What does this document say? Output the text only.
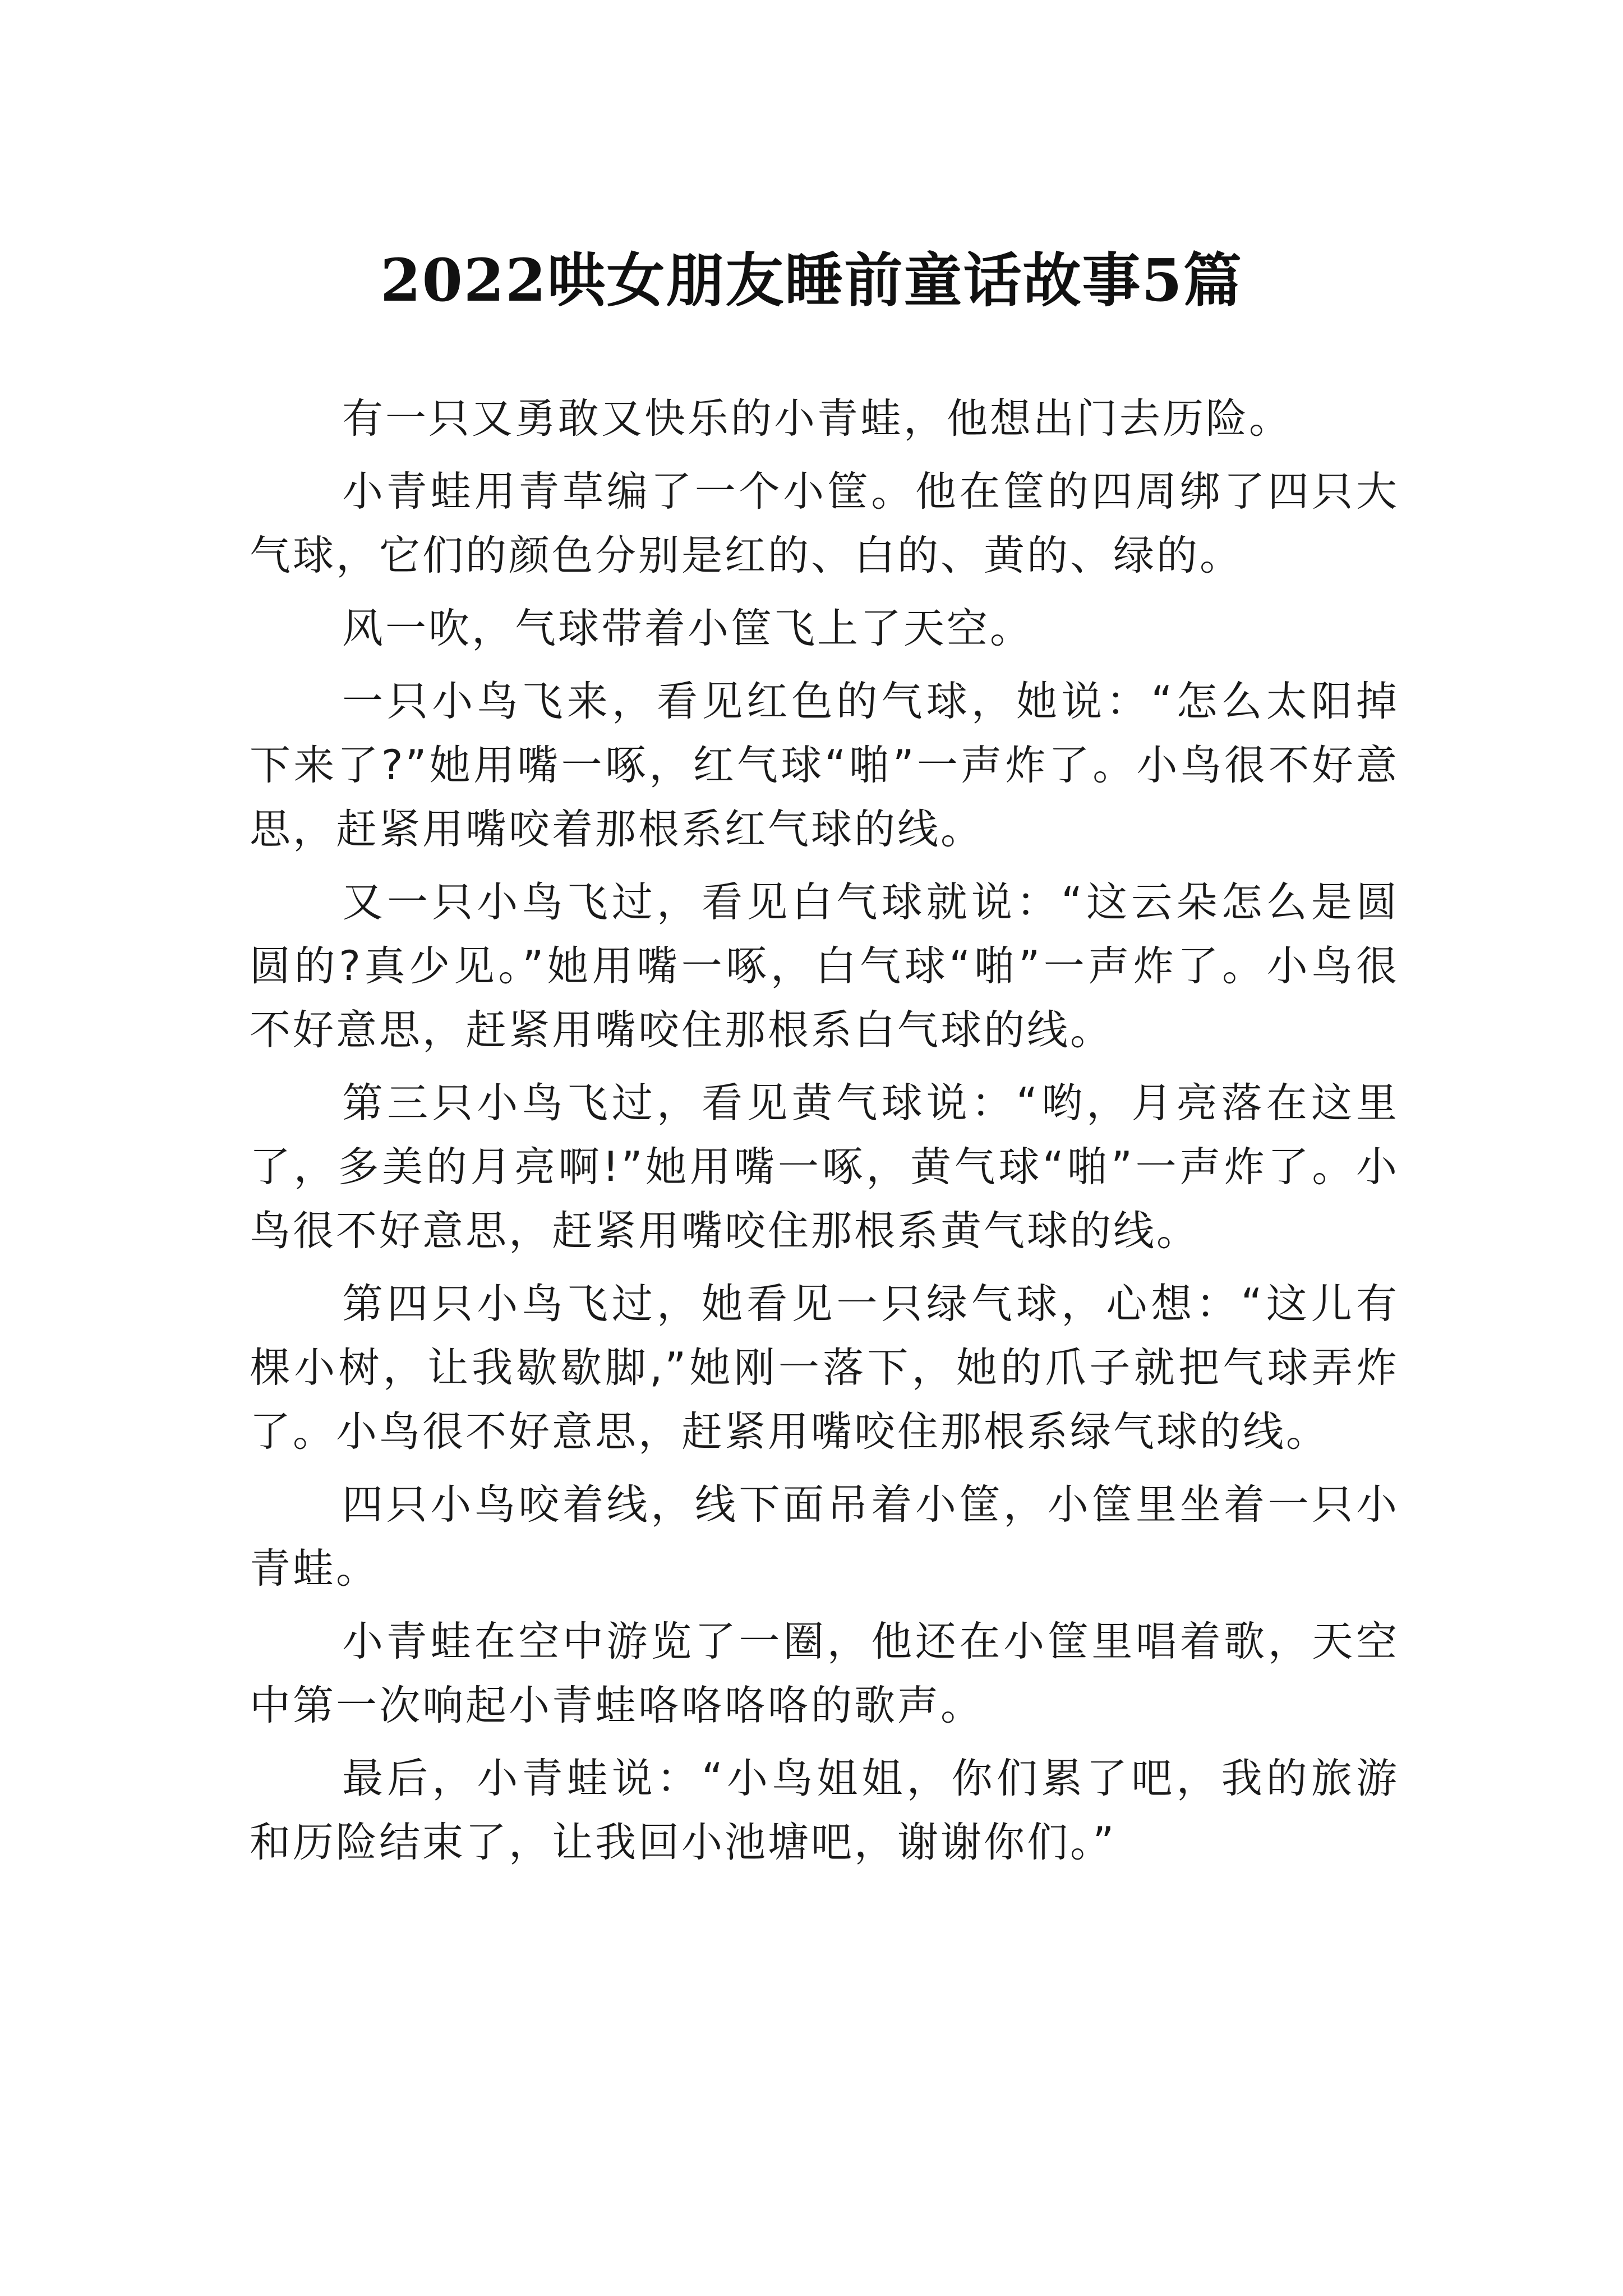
2022哄女朋友睡前童话故事5篇

有一只又勇敢又快乐的小青蛙，他想出门去历险。

小青蛙用青草编了一个小筐。他在筐的四周绑了四只大气球，它们的颜色分别是红的、白的、黄的、绿的。

风一吹，气球带着小筐飞上了天空。

一只小鸟飞来，看见红色的气球，她说：“怎么太阳掉下来了?”她用嘴一啄，红气球“啪”一声炸了。小鸟很不好意思，赶紧用嘴咬着那根系红气球的线。

又一只小鸟飞过，看见白气球就说：“这云朵怎么是圆圆的?真少见。”她用嘴一啄，白气球“啪”一声炸了。小鸟很不好意思，赶紧用嘴咬住那根系白气球的线。

第三只小鸟飞过，看见黄气球说：“哟，月亮落在这里了，多美的月亮啊!”她用嘴一啄，黄气球“啪”一声炸了。小鸟很不好意思，赶紧用嘴咬住那根系黄气球的线。

第四只小鸟飞过，她看见一只绿气球，心想：“这儿有棵小树，让我歇歇脚,”她刚一落下，她的爪子就把气球弄炸了。小鸟很不好意思，赶紧用嘴咬住那根系绿气球的线。

四只小鸟咬着线，线下面吊着小筐，小筐里坐着一只小青蛙。

小青蛙在空中游览了一圈，他还在小筐里唱着歌，天空中第一次响起小青蛙咯咯咯咯的歌声。

最后，小青蛙说：“小鸟姐姐，你们累了吧，我的旅游和历险结束了，让我回小池塘吧，谢谢你们。”
